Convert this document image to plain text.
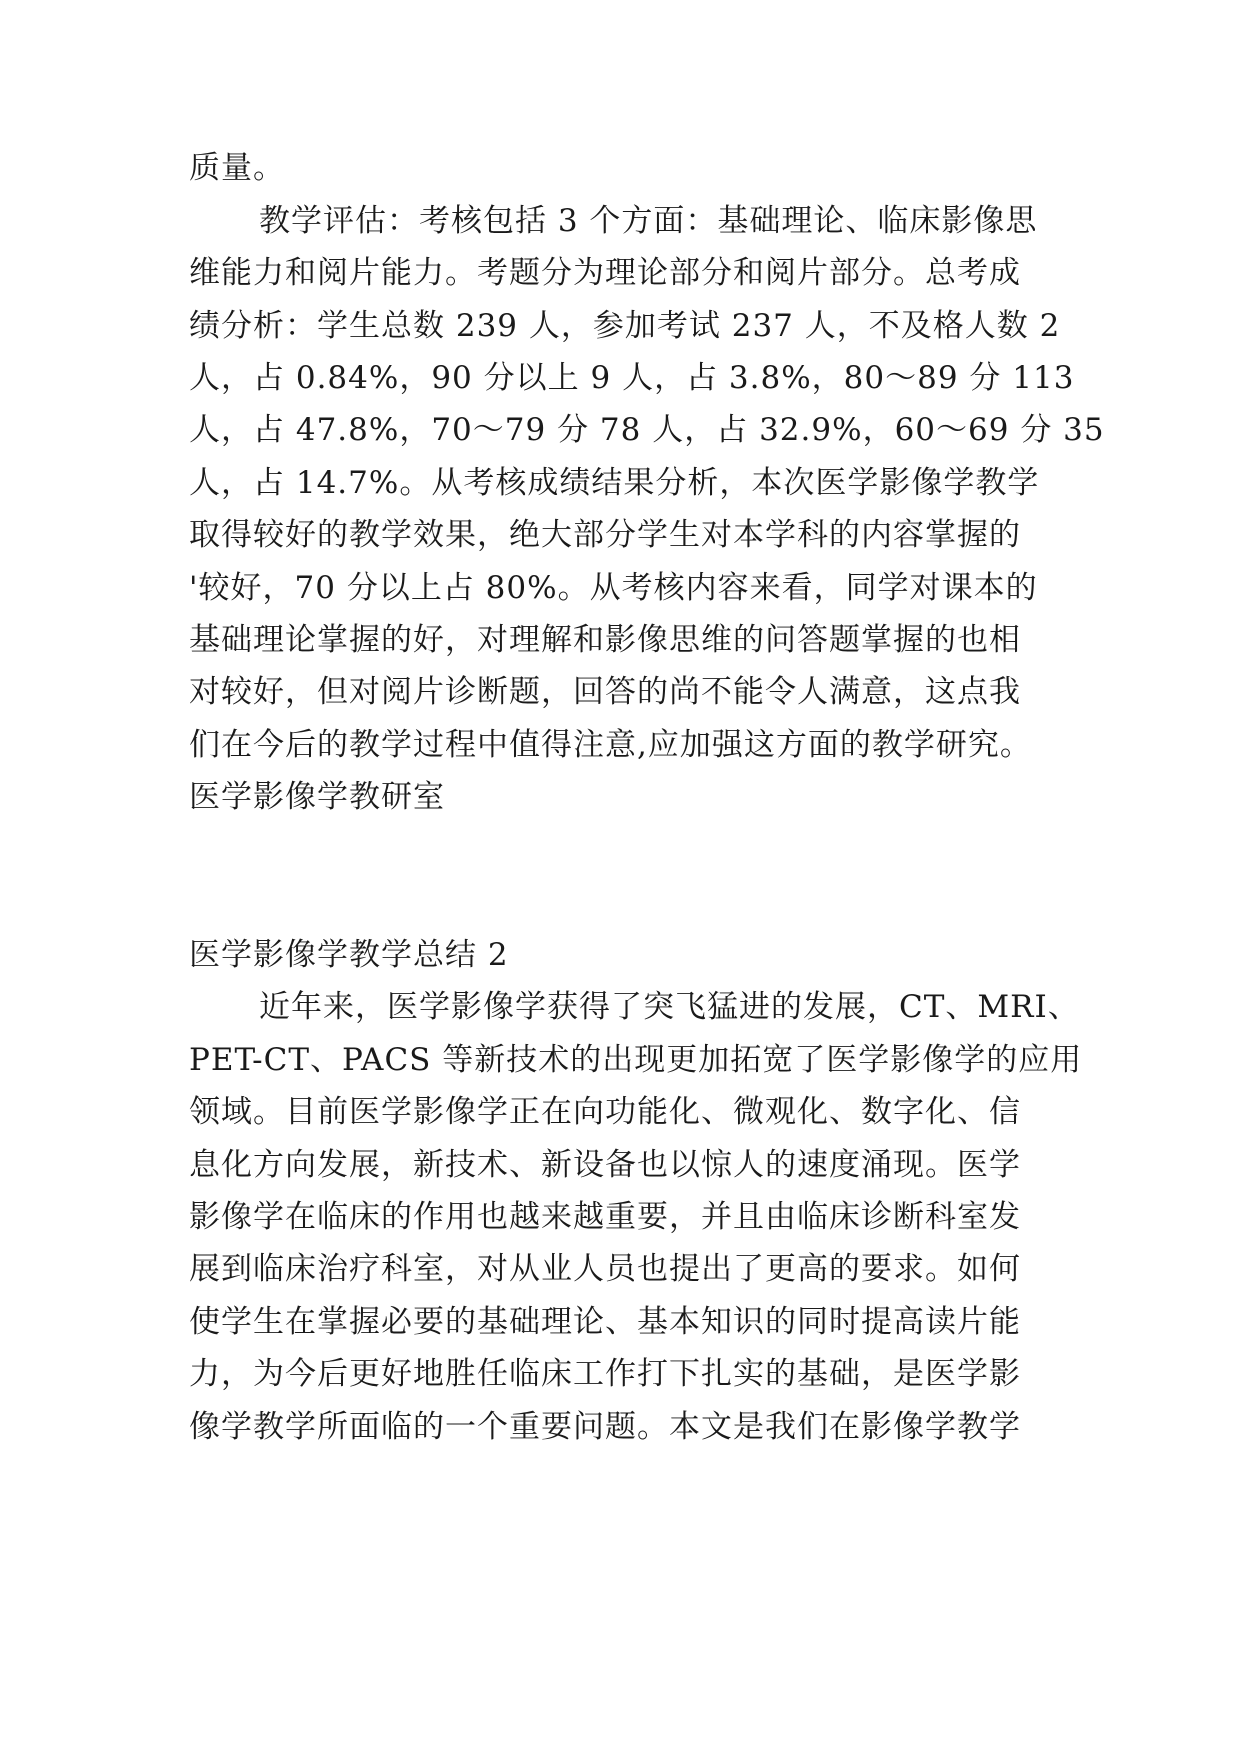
质量。
教学评估：考核包括 3 个方面：基础理论、临床影像思
维能力和阅片能力。考题分为理论部分和阅片部分。总考成
绩分析：学生总数 239 人，参加考试 237 人，不及格人数 2
人，占 0.84%，90 分以上 9 人，占 3.8%，80～89 分 113
人，占 47.8%，70～79 分 78 人，占 32.9%，60～69 分 35
人，占 14.7%。从考核成绩结果分析，本次医学影像学教学
取得较好的教学效果，绝大部分学生对本学科的内容掌握的
'较好，70 分以上占 80%。从考核内容来看，同学对课本的
基础理论掌握的好，对理解和影像思维的问答题掌握的也相
对较好，但对阅片诊断题，回答的尚不能令人满意，这点我
们在今后的教学过程中值得注意,应加强这方面的教学研究。
医学影像学教研室
医学影像学教学总结 2
近年来，医学影像学获得了突飞猛进的发展，CT、MRI、
PET-CT、PACS 等新技术的出现更加拓宽了医学影像学的应用
领域。目前医学影像学正在向功能化、微观化、数字化、信
息化方向发展，新技术、新设备也以惊人的速度涌现。医学
影像学在临床的作用也越来越重要，并且由临床诊断科室发
展到临床治疗科室，对从业人员也提出了更高的要求。如何
使学生在掌握必要的基础理论、基本知识的同时提高读片能
力，为今后更好地胜任临床工作打下扎实的基础，是医学影
像学教学所面临的一个重要问题。本文是我们在影像学教学
